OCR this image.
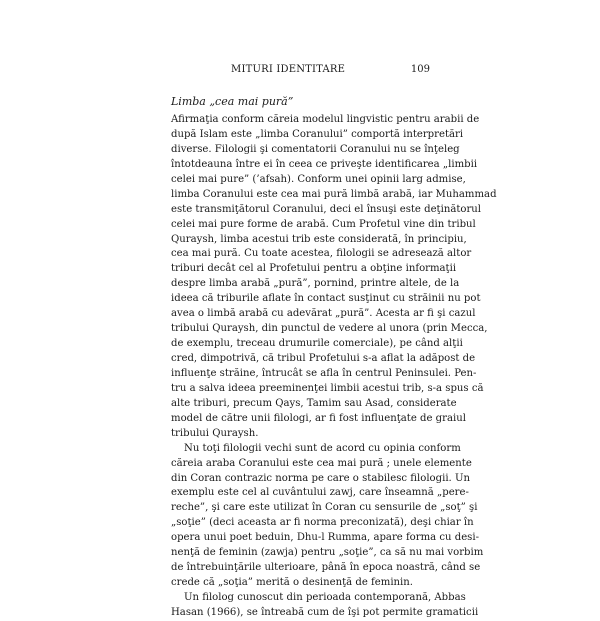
MITURI IDENTITARE	109
Limba „cea mai pură”
Afirmaţia conform căreia modelul lingvistic pentru arabii de
după Islam este „limba Coranului” comportă interpretări
diverse. Filologii şi comentatorii Coranului nu se înţeleg
întotdeauna între ei în ceea ce priveşte identificarea „limbii
celei mai pure” (’afsah). Conform unei opinii larg admise,
limba Coranului este cea mai pură limbă arabă, iar Muhammad
este transmiţătorul Coranului, deci el însuşi este deţinătorul
celei mai pure forme de arabă. Cum Profetul vine din tribul
Quraysh, limba acestui trib este considerată, în principiu,
cea mai pură. Cu toate acestea, filologii se adresează altor
triburi decât cel al Profetului pentru a obţine informaţii
despre limba arabă „pură”, pornind, printre altele, de la
ideea că triburile aflate în contact susţinut cu străinii nu pot
avea o limbă arabă cu adevărat „pură”. Acesta ar fi şi cazul
tribului Quraysh, din punctul de vedere al unora (prin Mecca,
de exemplu, treceau drumurile comerciale), pe când alţii
cred, dimpotrivă, că tribul Profetului s-a aflat la adăpost de
influenţe străine, întrucât se afla în centrul Peninsulei. Pen-
tru a salva ideea preeminenţei limbii acestui trib, s-a spus că
alte triburi, precum Qays, Tamim sau Asad, considerate
model de către unii filologi, ar fi fost influenţate de graiul
tribului Quraysh.
Nu toţi filologii vechi sunt de acord cu opinia conform
căreia araba Coranului este cea mai pură ; unele elemente
din Coran contrazic norma pe care o stabilesc filologii. Un
exemplu este cel al cuvântului zawj, care înseamnă „pere-
reche”, şi care este utilizat în Coran cu sensurile de „soţ” şi
„soţie” (deci aceasta ar fi norma preconizată), deşi chiar în
opera unui poet beduin, Dhu-l Rumma, apare forma cu desi-
nenţă de feminin (zawja) pentru „soţie”, ca să nu mai vorbim
de întrebuinţările ulterioare, până în epoca noastră, când se
crede că „soţia” merită o desinenţă de feminin.
Un filolog cunoscut din perioada contemporană, Abbas
Hasan (1966), se întreabă cum de îşi pot permite gramaticii
